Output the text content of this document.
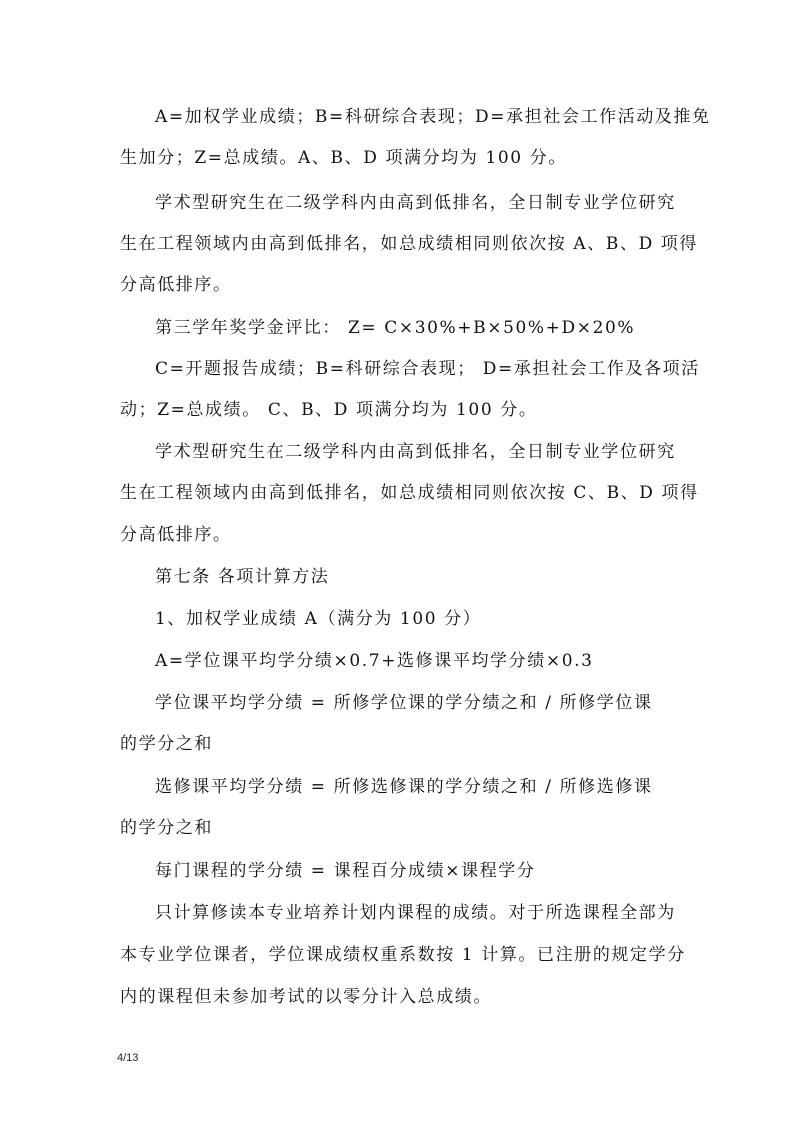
A=加权学业成绩；B=科研综合表现；D=承担社会工作活动及推免
生加分；Z=总成绩。A、B、D 项满分均为 100 分。
学术型研究生在二级学科内由高到低排名，全日制专业学位研究
生在工程领域内由高到低排名，如总成绩相同则依次按 A、B、D 项得
分高低排序。
第三学年奖学金评比： Z= C×30%+B×50%+D×20%
C=开题报告成绩；B=科研综合表现； D=承担社会工作及各项活
动；Z=总成绩。 C、B、D 项满分均为 100 分。
学术型研究生在二级学科内由高到低排名，全日制专业学位研究
生在工程领域内由高到低排名，如总成绩相同则依次按 C、B、D 项得
分高低排序。
第七条 各项计算方法
1、加权学业成绩 A（满分为 100 分）
A=学位课平均学分绩×0.7+选修课平均学分绩×0.3
学位课平均学分绩 = 所修学位课的学分绩之和 / 所修学位课
的学分之和
选修课平均学分绩 = 所修选修课的学分绩之和 / 所修选修课
的学分之和
每门课程的学分绩 = 课程百分成绩×课程学分
只计算修读本专业培养计划内课程的成绩。对于所选课程全部为
本专业学位课者，学位课成绩权重系数按 1 计算。已注册的规定学分
内的课程但未参加考试的以零分计入总成绩。
4/13
